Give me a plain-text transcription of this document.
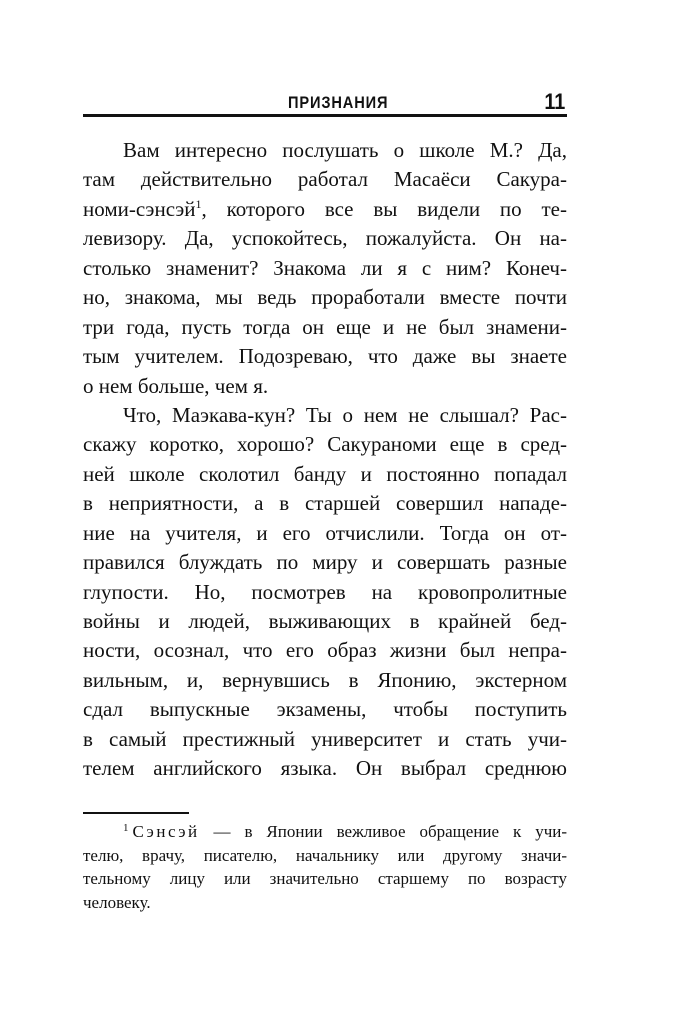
ПРИЗНАНИЯ	11
Вам интересно послушать о школе М.? Да,
там действительно работал Масаёси Сакура-
номи-сэнсэй$^1$, которого все вы видели по те-
левизору. Да, успокойтесь, пожалуйста. Он на-
столько знаменит? Знакома ли я с ним? Конеч-
но, знакома, мы ведь проработали вместе почти
три года, пусть тогда он еще и не был знамени-
тым учителем. Подозреваю, что даже вы знаете
о нем больше, чем я.
Что, Маэкава-кун? Ты о нем не слышал? Рас-
скажу коротко, хорошо? Сакураноми еще в сред-
ней школе сколотил банду и постоянно попадал
в неприятности, а в старшей совершил нападе-
ние на учителя, и его отчислили. Тогда он от-
правился блуждать по миру и совершать разные
глупости. Но, посмотрев на кровопролитные
войны и людей, выживающих в крайней бед-
ности, осознал, что его образ жизни был непра-
вильным, и, вернувшись в Японию, экстерном
сдал выпускные экзамены, чтобы поступить
в самый престижный университет и стать учи-
телем английского языка. Он выбрал среднюю
$^1$ Сэнсэй — в Японии вежливое обращение к учи-
телю, врачу, писателю, начальнику или другому значи-
тельному лицу или значительно старшему по возрасту
человеку.
